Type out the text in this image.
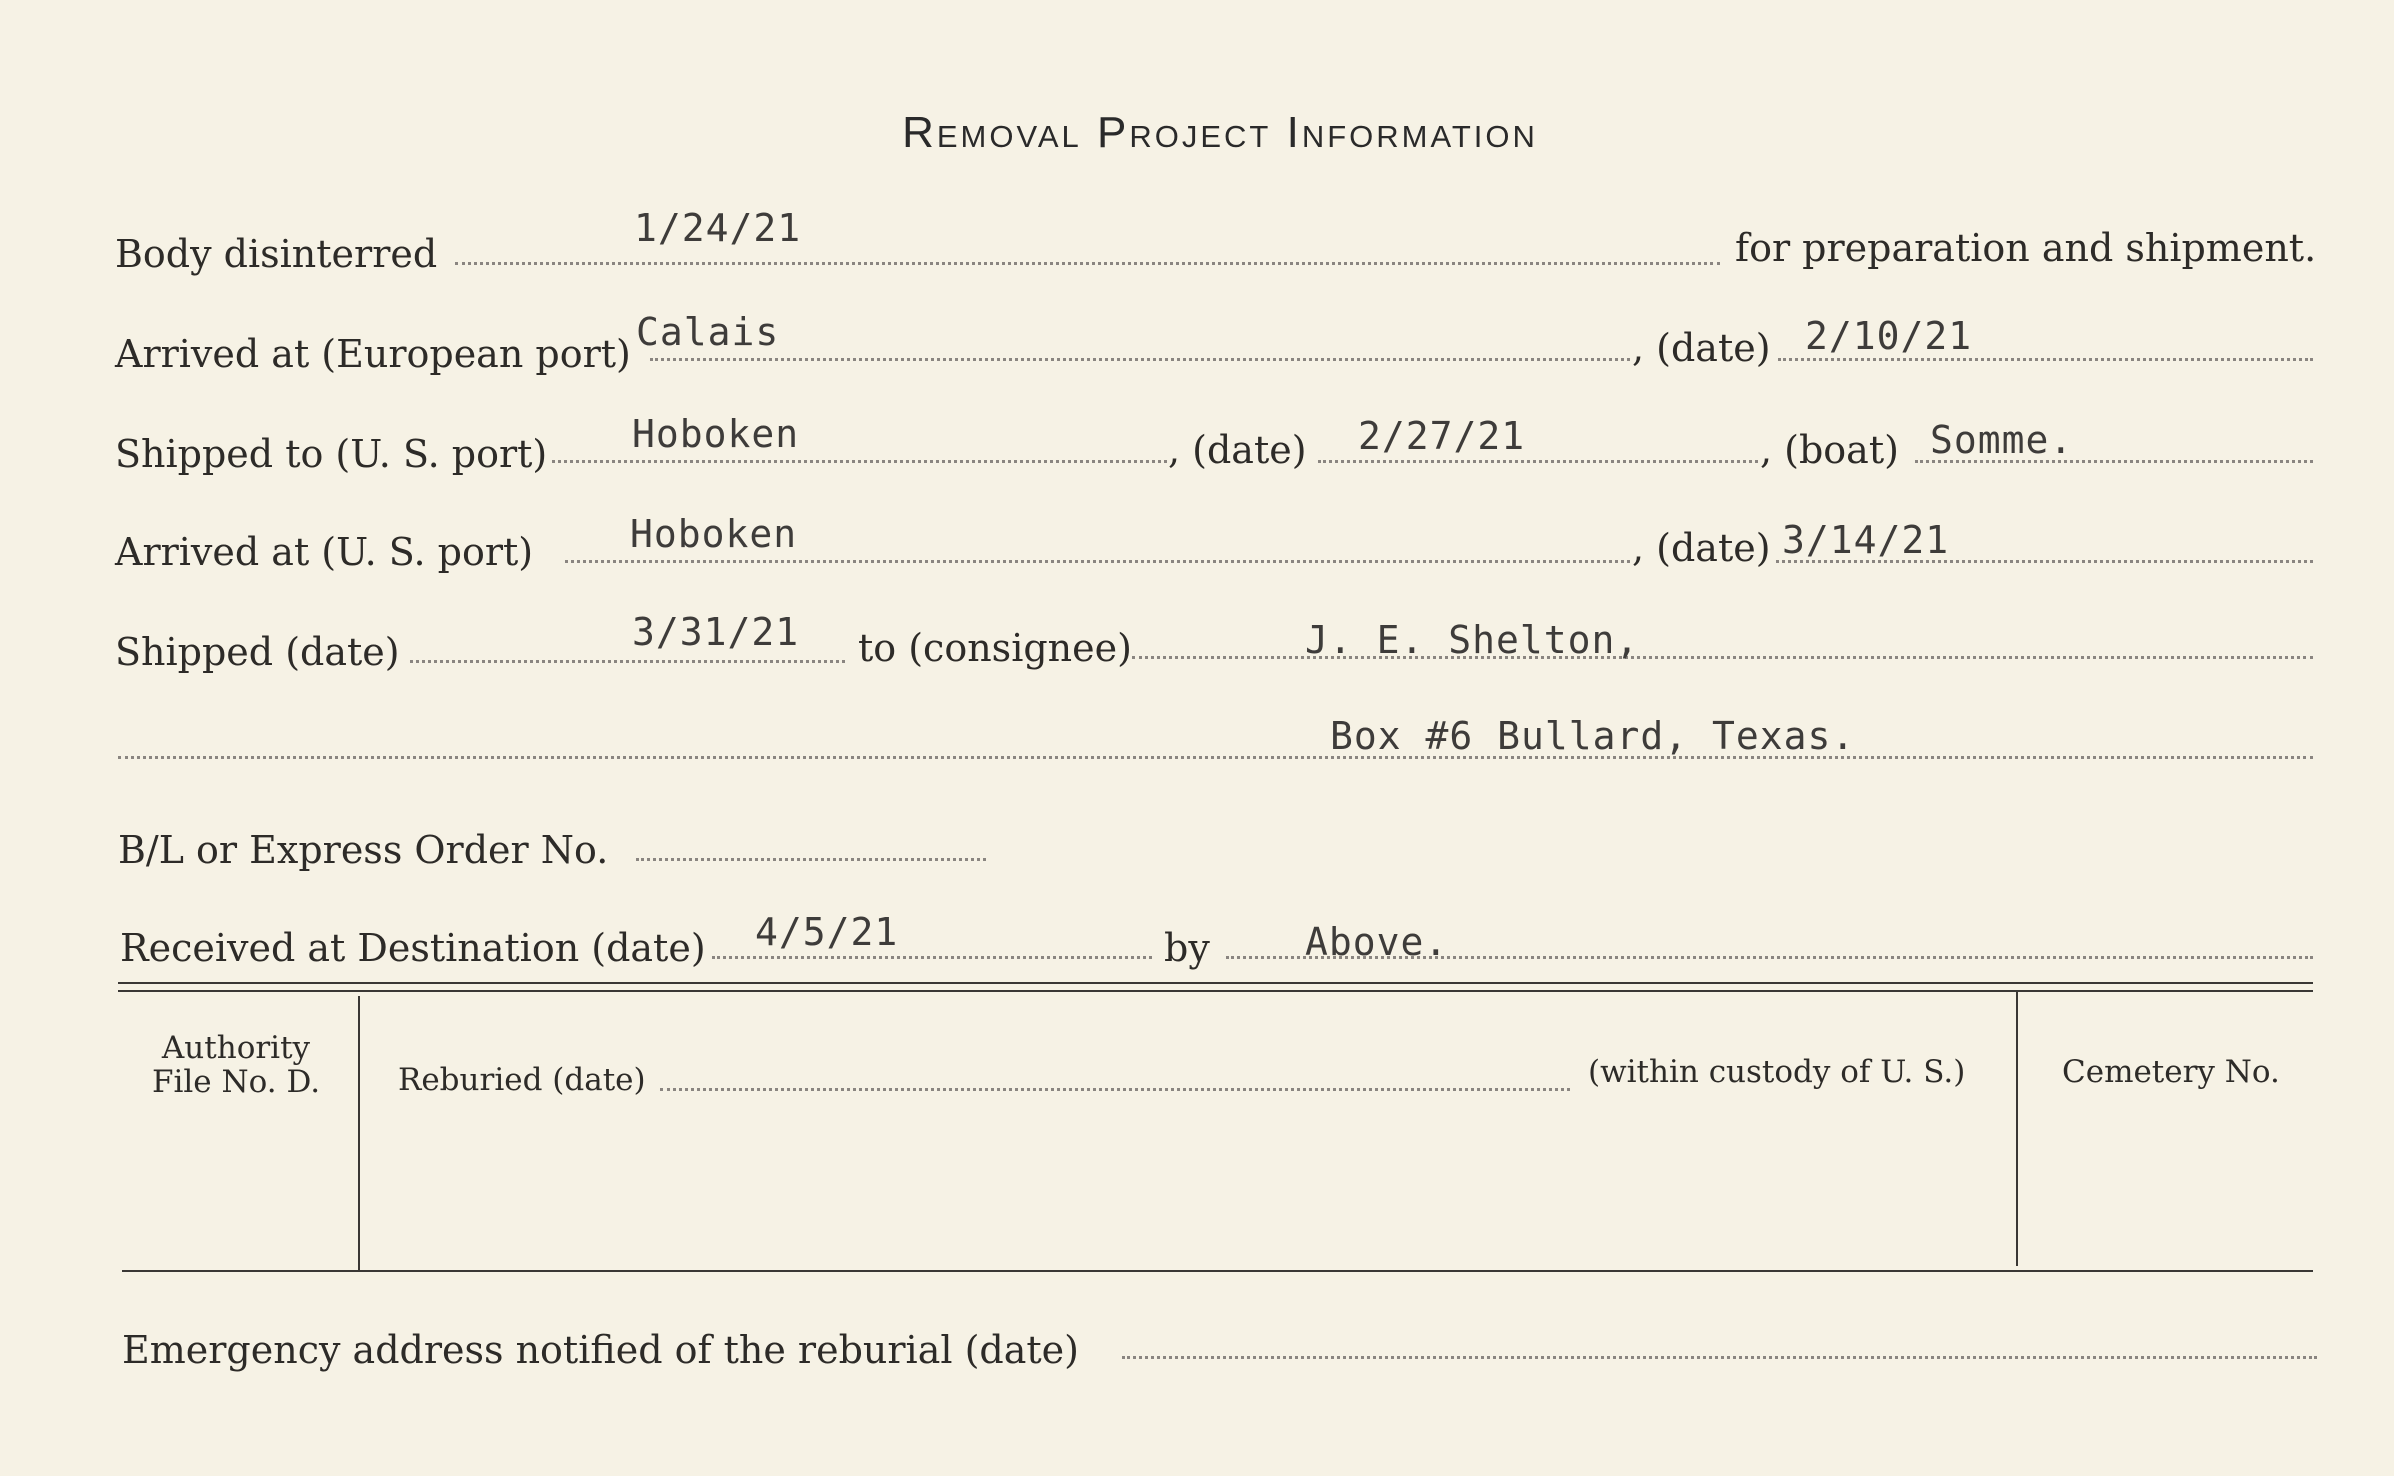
Removal Project Information
Body disinterred
1/24/21	for preparation and shipment.
Arrived at (European port) Calais	, (date) 2/10/21
Shipped to (U. S. port) Hoboken	, (date) 2/27/21	, (boat) Somme.
Arrived at (U. S. port)	Hoboken	, (date) 3/14/21
Shipped (date)	3/31/21 to (consignee)	J. E. Shelton,
Box #6 Bullard, Texas.
B/L or Express Order No.
Received at Destination (date) 4/5/21	by	Above.
Authority
File No. D.	Reburied (date)	(within custody of U. S.)	Cemetery No.
Emergency address notified of the reburial (date)
